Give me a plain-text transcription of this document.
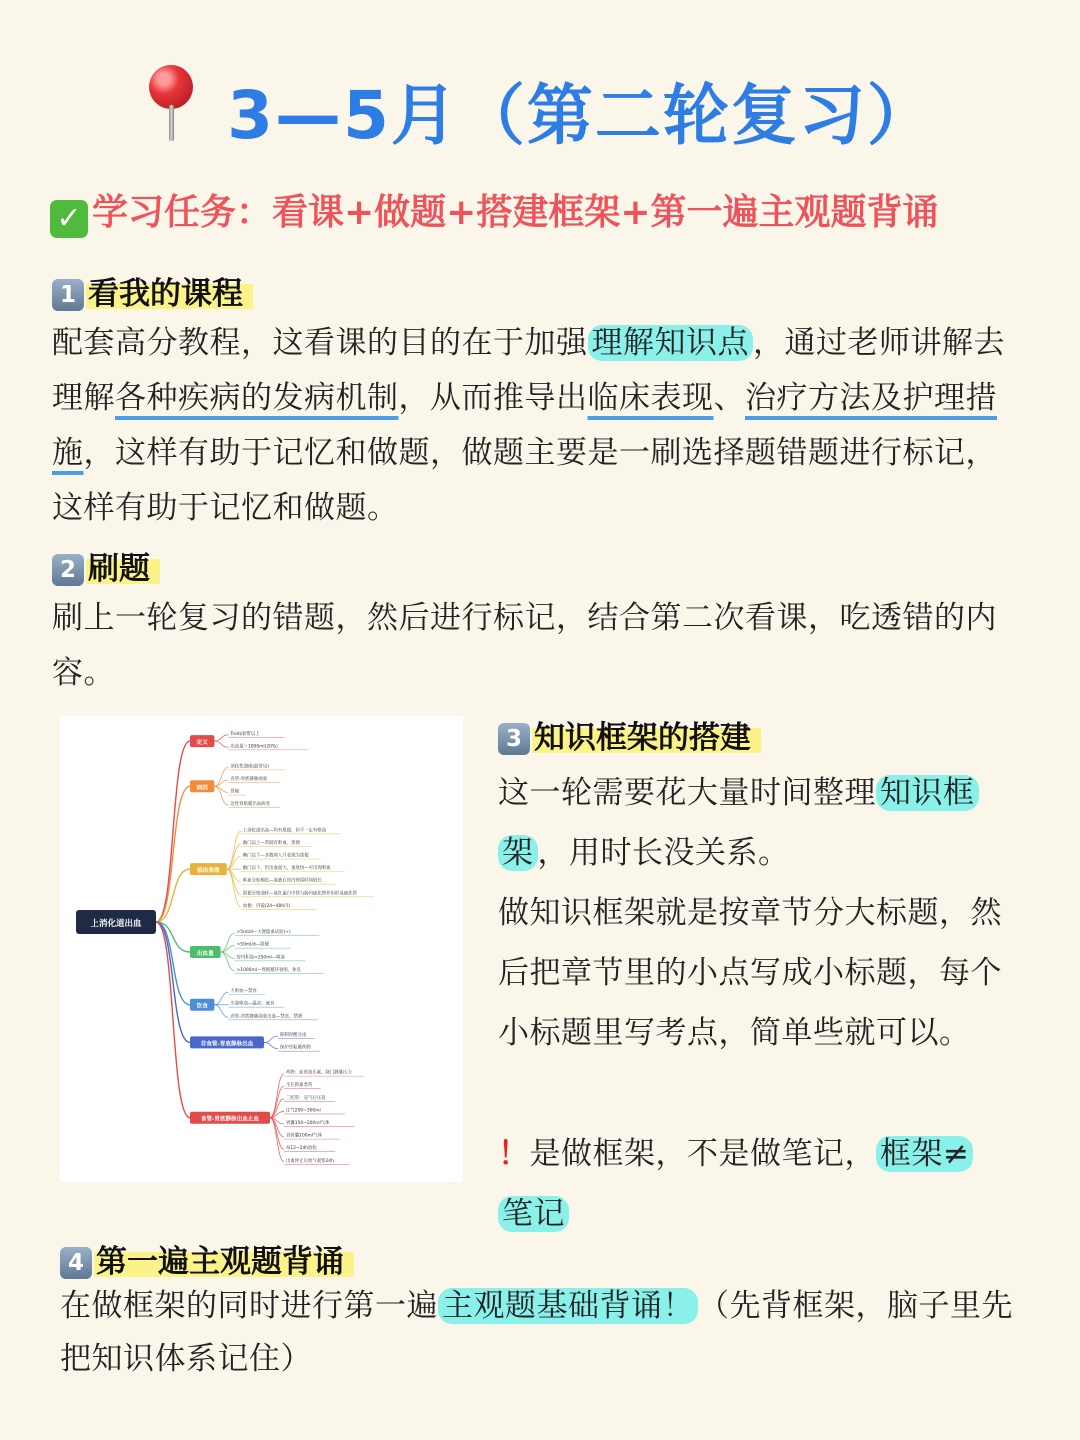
3—5月（第二轮复习）
✓ 学习任务：看课+做题+搭建框架+第一遍主观题背诵
1 看我的课程
配套高分教程，这看课的目的在于加强 理解知识点 ，通过老师讲解去理解各种疾病的发病机制，从而推导出临床表现、治疗方法及护理措施，这样有助于记忆和做题，做题主要是一刷选择题错题进行标记，这样有助于记忆和做题。
2 刷题
刷上一轮复习的错题，然后进行标记，结合第二次看课，吃透错的内容。
上消化道出血
定义
Treitz韧带以上
出血量＞1000ml(20%)
病因
消化性溃疡(最常见)
食管-胃底静脉曲张
胃癌
急性胃粘膜出血病变
临床表现
上消化道出血—均有黑便，但不一定有呕血
幽门以上—常既有呕血、黑便
幽门以下—多数病人只表现为黑便
幽门以下，但出血量大、速度快—可出现呕血
呕血呈棕褐色—血液在胃内停留时间较长
黑便呈柏油样—血红蛋白中铁与肠内硫化物作用形成硫化铁
血便：内镜(24~48h内)
出血量
>5ml/d—大便隐血试验(+)
>50ml/d—黑便
胃内积血>250ml—呕血
>1000ml—周围循环衰竭、休克
饮食
大呕血—禁食
少量呕血—温凉、流食
食管-胃底静脉曲张出血—禁食、禁酒
非食管-胃底静脉出血
抑制胃酸分泌
保护胃粘膜药物
食管-胃底静脉出血止血
药物：血管加压素、降门静脉压力
生长抑素类药
三腔管：充气后压迫
注气200~300ml
胃囊150~200ml气体
食管囊100ml气体
每12~24h放松
出血停止后放气观察24h
3 知识框架的搭建
这一轮需要花大量时间整理 知识框
架 ，用时长没关系。
做知识框架就是按章节分大标题，然后把章节里的小点写成小标题，每个小标题里写考点，简单些就可以。
！是做框架，不是做笔记， 框架≠
笔记
4 第一遍主观题背诵
在做框架的同时进行第一遍 主观题基础背诵！ （先背框架，脑子里先把知识体系记住）
